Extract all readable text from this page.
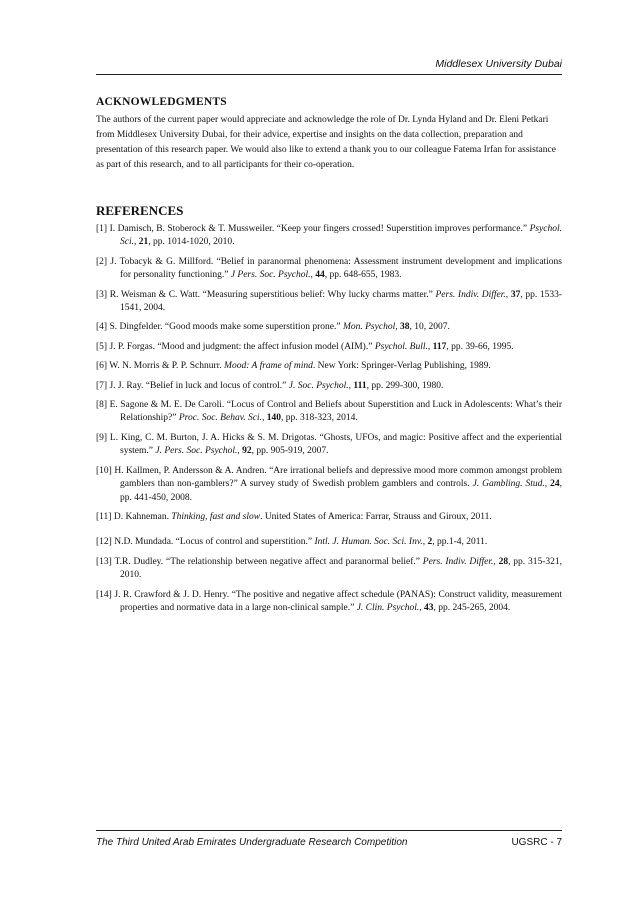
Middlesex University Dubai

ACKNOWLEDGMENTS

The authors of the current paper would appreciate and acknowledge the role of Dr. Lynda Hyland and Dr. Eleni Petkari from Middlesex University Dubai, for their advice, expertise and insights on the data collection, preparation and presentation of this research paper. We would also like to extend a thank you to our colleague Fatema Irfan for assistance as part of this research, and to all participants for their co-operation.

REFERENCES

[1] I. Damisch, B. Stoberock & T. Mussweiler. “Keep your fingers crossed! Superstition improves performance.” Psychol. Sci., 21, pp. 1014-1020, 2010.

[2] J. Tobacyk & G. Millford. “Belief in paranormal phenomena: Assessment instrument development and implications for personality functioning.” J Pers. Soc. Psychol., 44, pp. 648-655, 1983.

[3] R. Weisman & C. Watt. “Measuring superstitious belief: Why lucky charms matter.” Pers. Indiv. Differ., 37, pp. 1533-1541, 2004.

[4] S. Dingfelder. “Good moods make some superstition prone.” Mon. Psychol, 38, 10, 2007.

[5] J. P. Forgas. “Mood and judgment: the affect infusion model (AIM).” Psychol. Bull., 117, pp. 39-66, 1995.

[6] W. N. Morris & P. P. Schnurr. Mood: A frame of mind. New York: Springer-Verlag Publishing, 1989.

[7] J. J. Ray. “Belief in luck and locus of control.” J. Soc. Psychol., 111, pp. 299-300, 1980.

[8] E. Sagone & M. E. De Caroli. “Locus of Control and Beliefs about Superstition and Luck in Adolescents: What’s their Relationship?” Proc. Soc. Behav. Sci., 140, pp. 318-323, 2014.

[9] L. King, C. M. Burton, J. A. Hicks & S. M. Drigotas. “Ghosts, UFOs, and magic: Positive affect and the experiential system.” J. Pers. Soc. Psychol., 92, pp. 905-919, 2007.

[10] H. Kallmen, P. Andersson & A. Andren. “Are irrational beliefs and depressive mood more common amongst problem gamblers than non-gamblers?” A survey study of Swedish problem gamblers and controls. J. Gambling. Stud., 24, pp. 441-450, 2008.

[11] D. Kahneman. Thinking, fast and slow. United States of America: Farrar, Strauss and Giroux, 2011.

[12] N.D. Mundada. “Locus of control and superstition.” Intl. J. Human. Soc. Sci. Inv., 2, pp.1-4, 2011.

[13] T.R. Dudley. “The relationship between negative affect and paranormal belief.” Pers. Indiv. Differ., 28, pp. 315-321, 2010.

[14] J. R. Crawford & J. D. Henry. “The positive and negative affect schedule (PANAS): Construct validity, measurement properties and normative data in a large non-clinical sample.” J. Clin. Psychol., 43, pp. 245-265, 2004.

The Third United Arab Emirates Undergraduate Research Competition	UGSRC - 7
